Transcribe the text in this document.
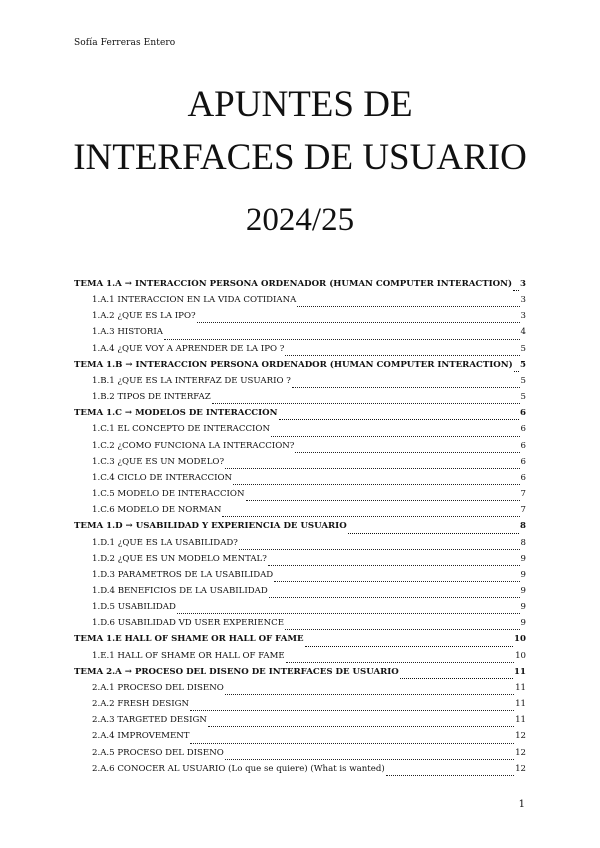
Sofía Ferreras Entero
APUNTES DE
INTERFACES DE USUARIO
2024/25
TEMA 1.A → INTERACCIÓN PERSONA ORDENADOR (HUMAN COMPUTER INTERACTION) 3
1.A.1 INTERACCIÓN EN LA VIDA COTIDIANA	3
1.A.2 ¿QÚE ES LA IPO?	3
1.A.3 HISTORIA	4
1.A.4 ¿QUÉ VOY A APRENDER DE LA IPO ?	5
TEMA 1.B → INTERACCIÓN PERSONA ORDENADOR (HUMAN COMPUTER INTERACTION) 5
1.B.1 ¿QUÉ ES LA INTERFAZ DE USUARIO ?	5
1.B.2 TIPOS DE INTERFAZ	5
TEMA 1.C → MODELOS DE INTERACCIÓN	6
1.C.1 EL CONCEPTO DE INTERACCIÓN	6
1.C.2 ¿CÓMO FUNCIONA LA INTERACCIÓN?	6
1.C.3 ¿QUÉ ES UN MODELO?	6
1.C.4 CICLO DE INTERACCIÓN	6
1.C.5 MODELO DE INTERACCIÓN	7
1.C.6 MODELO DE NORMAN	7
TEMA 1.D → USABILIDAD Y EXPERIENCIA DE USUARIO	8
1.D.1 ¿QUÉ ES LA USABILIDAD?	8
1.D.2 ¿QUÉ ES UN MODELO MENTAL?	9
1.D.3 PARÁMETROS DE LA USABILIDAD	9
1.D.4 BENEFICIOS DE LA USABILIDAD	9
1.D.5 USABILIDAD	9
1.D.6 USABILIDAD VD USER EXPERIENCE	9
TEMA 1.E HALL OF SHAME OR HALL OF FAME	10
1.E.1 HALL OF SHAME OR HALL OF FAME	10
TEMA 2.A → PROCESO DEL DISEÑO DE INTERFACES DE USUARIO	11
2.A.1 PROCESO DEL DISEÑO	11
2.A.2 FRESH DESIGN	11
2.A.3 TARGETED DESIGN	11
2.A.4 IMPROVEMENT	12
2.A.5 PROCESO DEL DISEÑO	12
2.A.6 CONOCER AL USUARIO (Lo que se quiere) (What is wanted)	12
1
